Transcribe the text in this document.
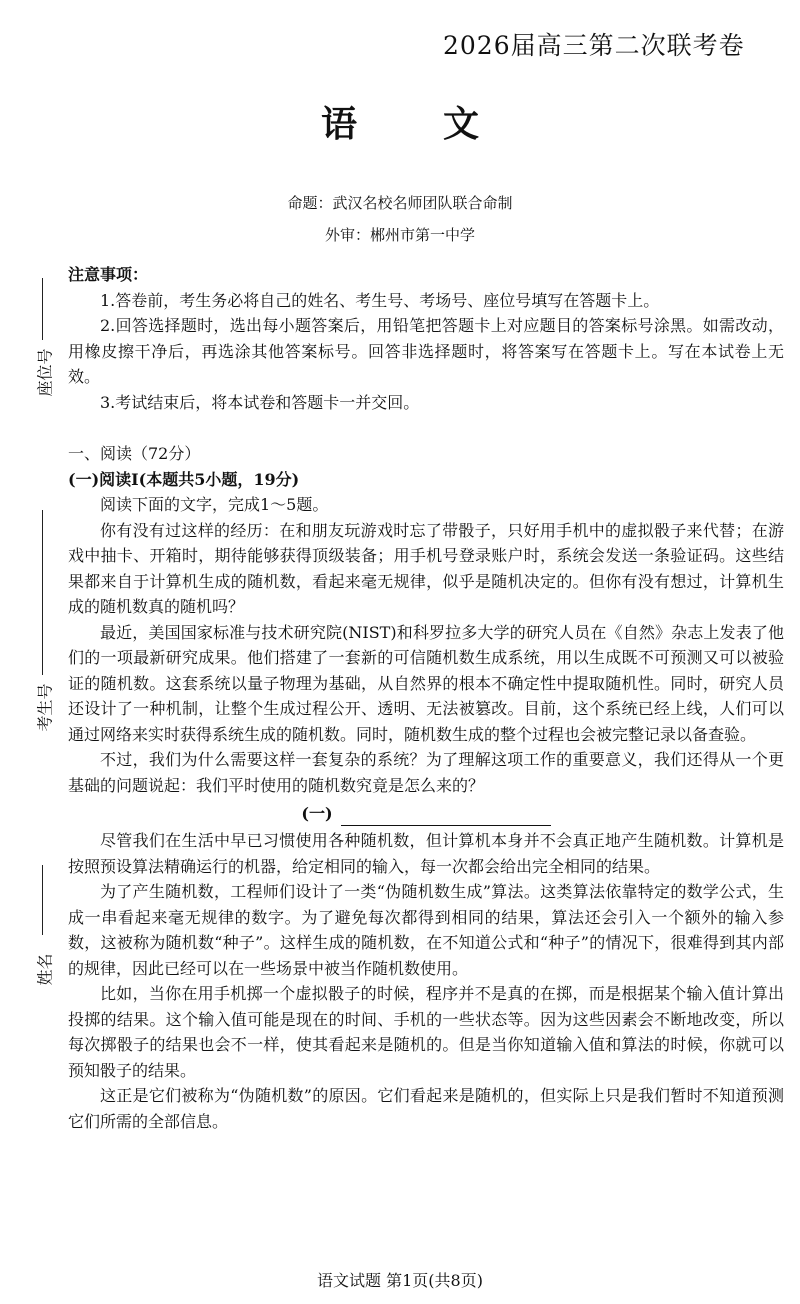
2026届高三第二次联考卷
语 文
命题：武汉名校名师团队联合命制
外审：郴州市第一中学
座位号
考生号
姓名

注意事项：

1.答卷前，考生务必将自己的姓名、考生号、考场号、座位号填写在答题卡上。

2.回答选择题时，选出每小题答案后，用铅笔把答题卡上对应题目的答案标号涂黑。如需改动，用橡皮擦干净后，再选涂其他答案标号。回答非选择题时，将答案写在答题卡上。写在本试卷上无效。

3.考试结束后，将本试卷和答题卡一并交回。

一、阅读（72分）

(一)阅读Ⅰ(本题共5小题，19分)

阅读下面的文字，完成1～5题。

你有没有过这样的经历：在和朋友玩游戏时忘了带骰子，只好用手机中的虚拟骰子来代替；在游戏中抽卡、开箱时，期待能够获得顶级装备；用手机号登录账户时，系统会发送一条验证码。这些结果都来自于计算机生成的随机数，看起来毫无规律，似乎是随机决定的。但你有没有想过，计算机生成的随机数真的随机吗？

最近，美国国家标准与技术研究院(NIST)和科罗拉多大学的研究人员在《自然》杂志上发表了他们的一项最新研究成果。他们搭建了一套新的可信随机数生成系统，用以生成既不可预测又可以被验证的随机数。这套系统以量子物理为基础，从自然界的根本不确定性中提取随机性。同时，研究人员还设计了一种机制，让整个生成过程公开、透明、无法被篡改。目前，这个系统已经上线，人们可以通过网络来实时获得系统生成的随机数。同时，随机数生成的整个过程也会被完整记录以备查验。

不过，我们为什么需要这样一套复杂的系统？为了理解这项工作的重要意义，我们还得从一个更基础的问题说起：我们平时使用的随机数究竟是怎么来的？

(一)

尽管我们在生活中早已习惯使用各种随机数，但计算机本身并不会真正地产生随机数。计算机是按照预设算法精确运行的机器，给定相同的输入，每一次都会给出完全相同的结果。

为了产生随机数，工程师们设计了一类“伪随机数生成”算法。这类算法依靠特定的数学公式，生成一串看起来毫无规律的数字。为了避免每次都得到相同的结果，算法还会引入一个额外的输入参数，这被称为随机数“种子”。这样生成的随机数，在不知道公式和“种子”的情况下，很难得到其内部的规律，因此已经可以在一些场景中被当作随机数使用。

比如，当你在用手机掷一个虚拟骰子的时候，程序并不是真的在掷，而是根据某个输入值计算出投掷的结果。这个输入值可能是现在的时间、手机的一些状态等。因为这些因素会不断地改变，所以每次掷骰子的结果也会不一样，使其看起来是随机的。但是当你知道输入值和算法的时候，你就可以预知骰子的结果。

这正是它们被称为“伪随机数”的原因。它们看起来是随机的，但实际上只是我们暂时不知道预测它们所需的全部信息。

语文试题 第1页(共8页)
